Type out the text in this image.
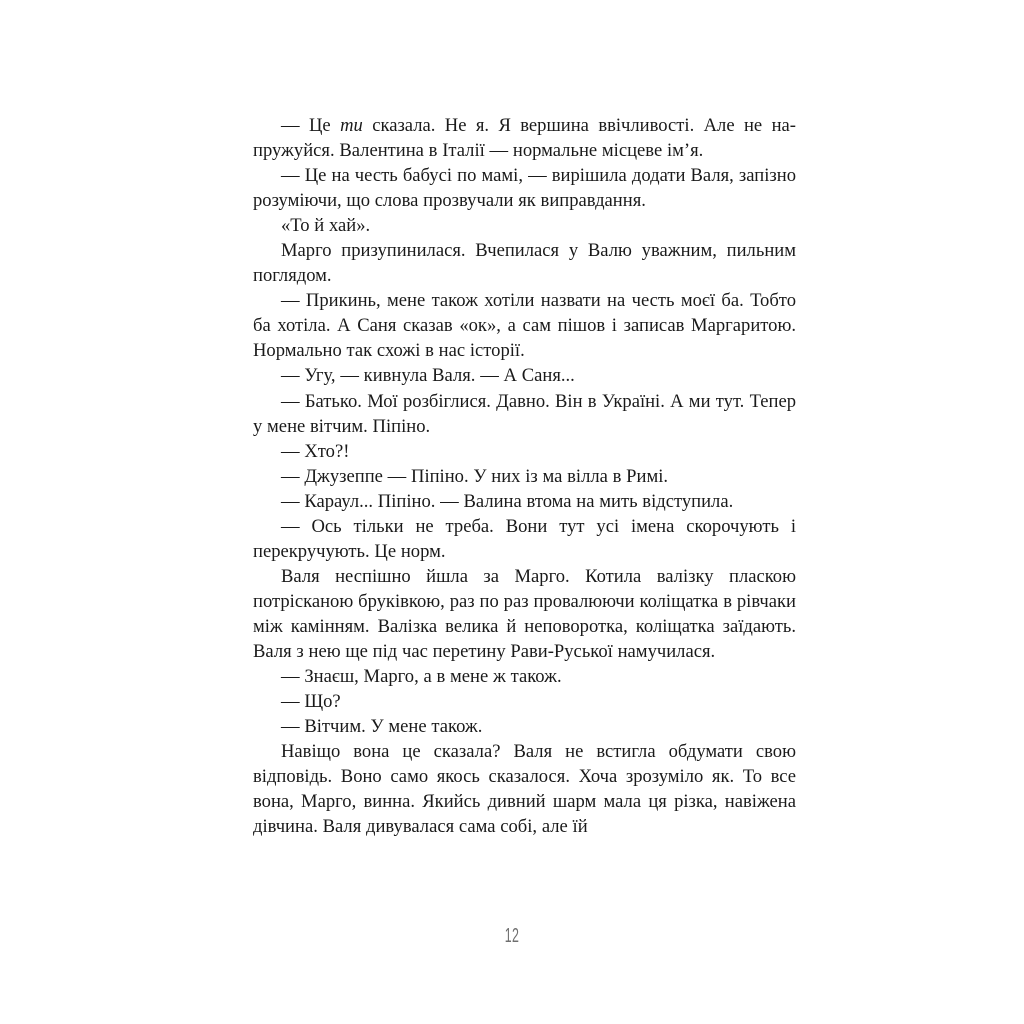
— Це ти сказала. Не я. Я вершина ввічливості. Але не напружуйся. Валентина в Італії — нормальне місцеве ім’я.

— Це на честь бабусі по мамі, — вирішила додати Валя, запізно розуміючи, що слова прозвучали як виправдання.

«То й хай».

Марго призупинилася. Вчепилася у Валю уважним, пильним поглядом.

— Прикинь, мене також хотіли назвати на честь моєї ба. Тобто ба хотіла. А Саня сказав «ок», а сам пішов і записав Маргаритою. Нормально так схожі в нас історії.

— Угу, — кивнула Валя. — А Саня...

— Батько. Мої розбіглися. Давно. Він в Україні. А ми тут. Тепер у мене вітчим. Піпіно.

— Хто?!

— Джузеппе — Піпіно. У них із ма вілла в Римі.

— Караул... Піпіно. — Валина втома на мить відступила.

— Ось тільки не треба. Вони тут усі імена скорочують і перекручують. Це норм.

Валя неспішно йшла за Марго. Котила валізку пласкою потрісканою бруківкою, раз по раз провалюючи коліщатка в рівчаки між камінням. Валізка велика й неповоротка, коліщатка заїдають. Валя з нею ще під час перетину Рави-Руської намучилася.

— Знаєш, Марго, а в мене ж також.

— Що?

— Вітчим. У мене також.

Навіщо вона це сказала? Валя не встигла обдумати свою відповідь. Воно само якось сказалося. Хоча зрозуміло як. То все вона, Марго, винна. Якийсь дивний шарм мала ця різка, навіжена дівчина. Валя дивувалася сама собі, але їй

12
